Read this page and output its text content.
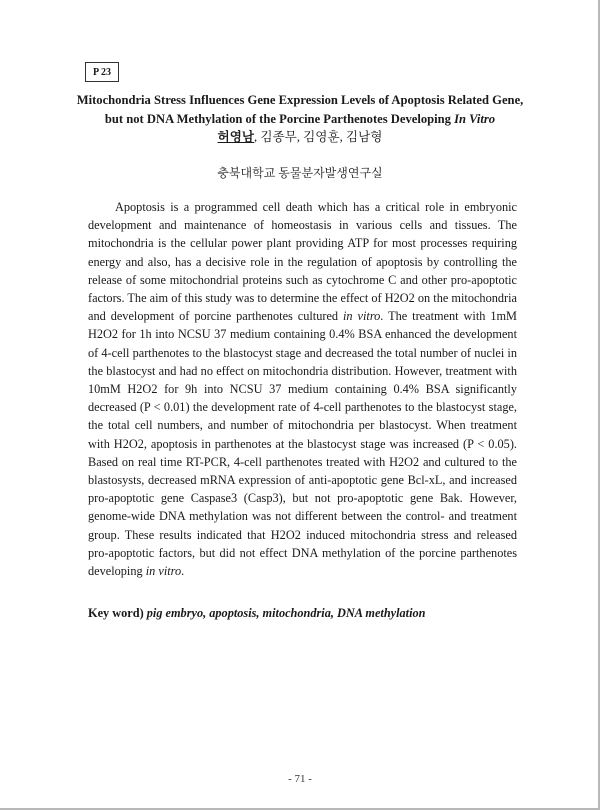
P 23
Mitochondria Stress Influences Gene Expression Levels of Apoptosis Related Gene,
but not DNA Methylation of the Porcine Parthenotes Developing In Vitro
허영남, 김종무, 김영훈, 김남형
충북대학교 동물분자발생연구실
Apoptosis is a programmed cell death which has a critical role in embryonic development and maintenance of homeostasis in various cells and tissues. The mitochondria is the cellular power plant providing ATP for most processes requiring energy and also, has a decisive role in the regulation of apoptosis by controlling the release of some mitochondrial proteins such as cytochrome C and other pro-apoptotic factors. The aim of this study was to determine the effect of H2O2 on the mitochondria and development of porcine parthenotes cultured in vitro. The treatment with 1mM H2O2 for 1h into NCSU 37 medium containing 0.4% BSA enhanced the development of 4-cell parthenotes to the blastocyst stage and decreased the total number of nuclei in the blastocyst and had no effect on mitochondria distribution. However, treatment with 10mM H2O2 for 9h into NCSU 37 medium containing 0.4% BSA significantly decreased (P < 0.01) the development rate of 4-cell parthenotes to the blastocyst stage, the total cell numbers, and number of mitochondria per blastocyst. When treatment with H2O2, apoptosis in parthenotes at the blastocyst stage was increased (P < 0.05). Based on real time RT-PCR, 4-cell parthenotes treated with H2O2 and cultured to the blastosysts, decreased mRNA expression of anti-apoptotic gene Bcl-xL, and increased pro-apoptotic gene Caspase3 (Casp3), but not pro-apoptotic gene Bak. However, genome-wide DNA methylation was not different between the control- and treatment group. These results indicated that H2O2 induced mitochondria stress and released pro-apoptotic factors, but did not effect DNA methylation of the porcine parthenotes developing in vitro.
Key word) pig embryo, apoptosis, mitochondria, DNA methylation
- 71 -
